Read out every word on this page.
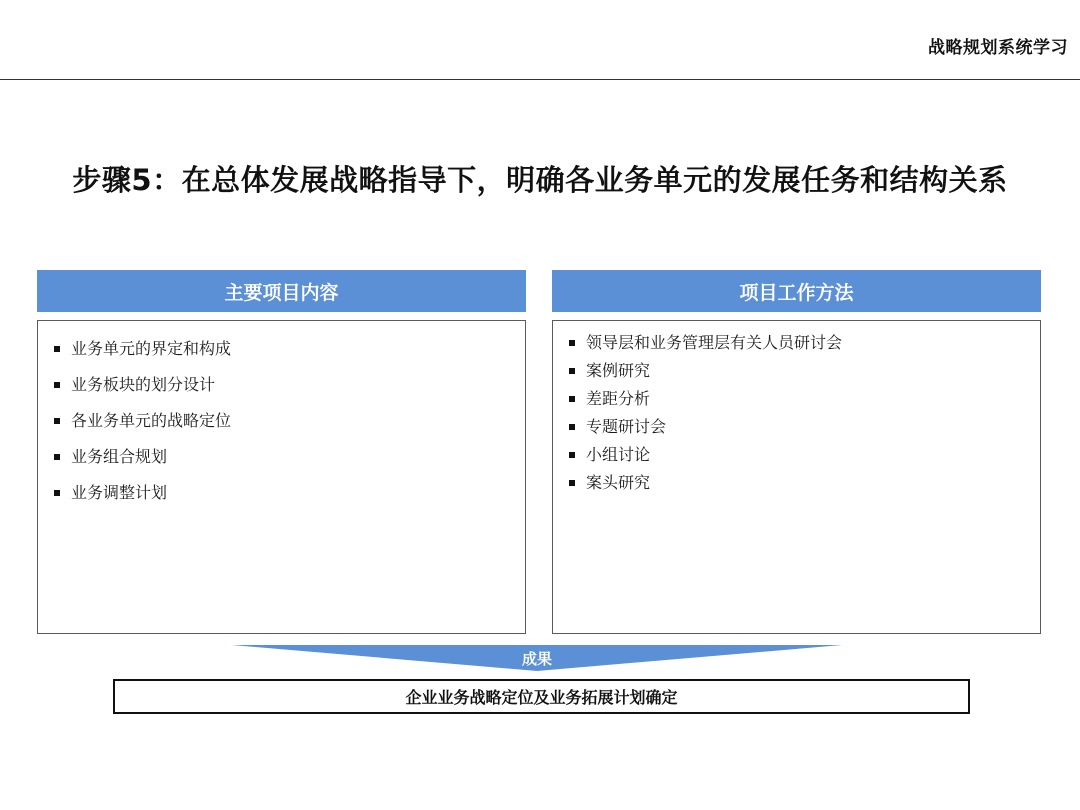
战略规划系统学习
步骤5：在总体发展战略指导下，明确各业务单元的发展任务和结构关系
主要项目内容
业务单元的界定和构成
业务板块的划分设计
各业务单元的战略定位
业务组合规划
业务调整计划
项目工作方法
领导层和业务管理层有关人员研讨会
案例研究
差距分析
专题研讨会
小组讨论
案头研究
成果
企业业务战略定位及业务拓展计划确定
